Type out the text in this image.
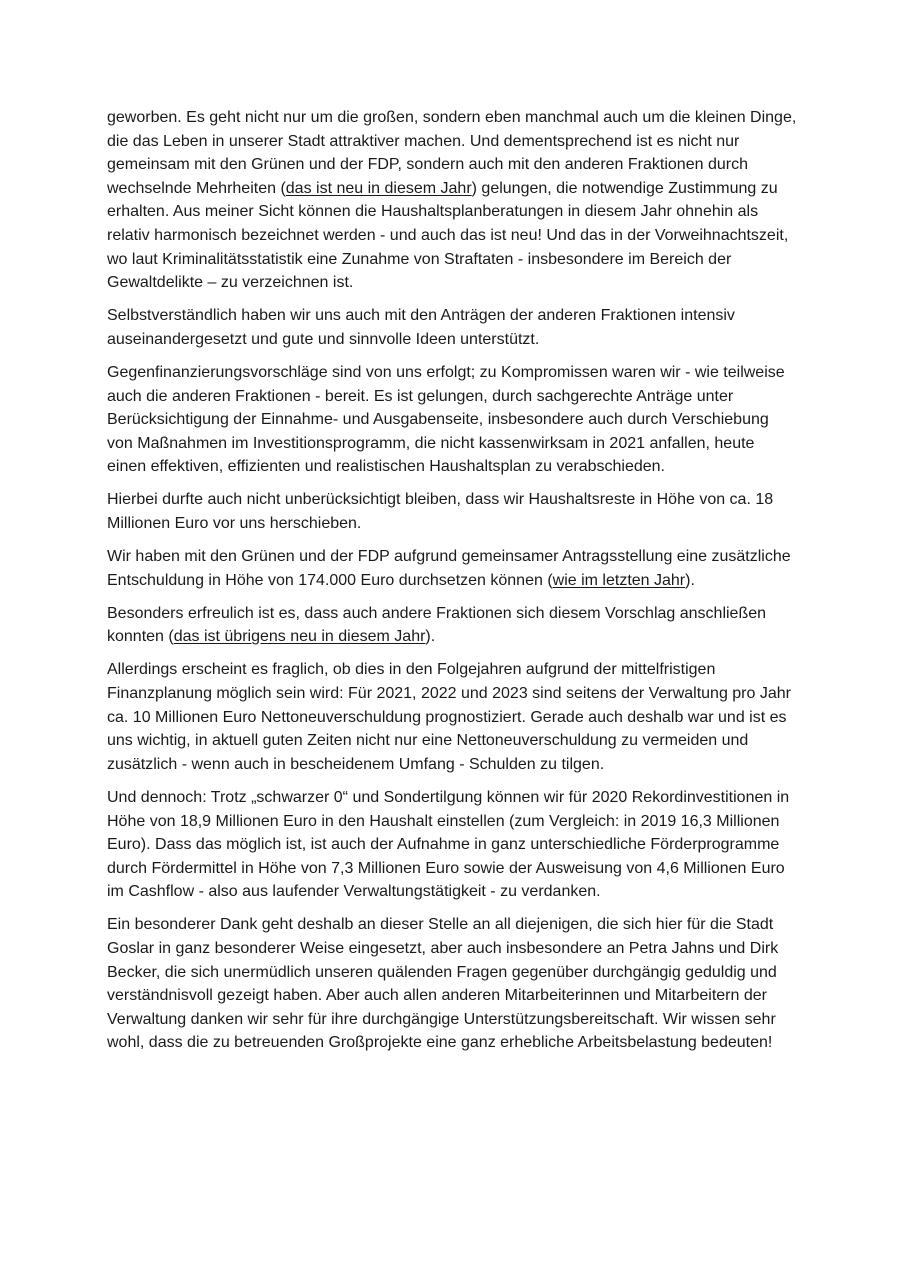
geworben. Es geht nicht nur um die großen, sondern eben manchmal auch um die kleinen Dinge, die das Leben in unserer Stadt attraktiver machen. Und dementsprechend ist es nicht nur gemeinsam mit den Grünen und der FDP, sondern auch mit den anderen Fraktionen durch wechselnde Mehrheiten (das ist neu in diesem Jahr) gelungen, die notwendige Zustimmung zu erhalten. Aus meiner Sicht können die Haushaltsplanberatungen in diesem Jahr ohnehin als relativ harmonisch bezeichnet werden - und auch das ist neu! Und das in der Vorweihnachtszeit, wo laut Kriminalitätsstatistik eine Zunahme von Straftaten - insbesondere im Bereich der Gewaltdelikte – zu verzeichnen ist.

Selbstverständlich haben wir uns auch mit den Anträgen der anderen Fraktionen intensiv auseinandergesetzt und gute und sinnvolle Ideen unterstützt.

Gegenfinanzierungsvorschläge sind von uns erfolgt; zu Kompromissen waren wir - wie teilweise auch die anderen Fraktionen - bereit. Es ist gelungen, durch sachgerechte Anträge unter Berücksichtigung der Einnahme- und Ausgabenseite, insbesondere auch durch Verschiebung von Maßnahmen im Investitionsprogramm, die nicht kassenwirksam in 2021 anfallen, heute einen effektiven, effizienten und realistischen Haushaltsplan zu verabschieden.

Hierbei durfte auch nicht unberücksichtigt bleiben, dass wir Haushaltsreste in Höhe von ca. 18 Millionen Euro vor uns herschieben.

Wir haben mit den Grünen und der FDP aufgrund gemeinsamer Antragsstellung eine zusätzliche Entschuldung in Höhe von 174.000 Euro durchsetzen können (wie im letzten Jahr).

Besonders erfreulich ist es, dass auch andere Fraktionen sich diesem Vorschlag anschließen konnten (das ist übrigens neu in diesem Jahr).

Allerdings erscheint es fraglich, ob dies in den Folgejahren aufgrund der mittelfristigen Finanzplanung möglich sein wird: Für 2021, 2022 und 2023 sind seitens der Verwaltung pro Jahr ca. 10 Millionen Euro Nettoneuverschuldung prognostiziert. Gerade auch deshalb war und ist es uns wichtig, in aktuell guten Zeiten nicht nur eine Nettoneuverschuldung zu vermeiden und zusätzlich - wenn auch in bescheidenem Umfang - Schulden zu tilgen.

Und dennoch: Trotz „schwarzer 0“ und Sondertilgung können wir für 2020 Rekordinvestitionen in Höhe von 18,9 Millionen Euro in den Haushalt einstellen (zum Vergleich: in 2019 16,3 Millionen Euro). Dass das möglich ist, ist auch der Aufnahme in ganz unterschiedliche Förderprogramme durch Fördermittel in Höhe von 7,3 Millionen Euro sowie der Ausweisung von 4,6 Millionen Euro im Cashflow - also aus laufender Verwaltungstätigkeit - zu verdanken.

Ein besonderer Dank geht deshalb an dieser Stelle an all diejenigen, die sich hier für die Stadt Goslar in ganz besonderer Weise eingesetzt, aber auch insbesondere an Petra Jahns und Dirk Becker, die sich unermüdlich unseren quälenden Fragen gegenüber durchgängig geduldig und verständnisvoll gezeigt haben. Aber auch allen anderen Mitarbeiterinnen und Mitarbeitern der Verwaltung danken wir sehr für ihre durchgängige Unterstützungsbereitschaft. Wir wissen sehr wohl, dass die zu betreuenden Großprojekte eine ganz erhebliche Arbeitsbelastung bedeuten!
